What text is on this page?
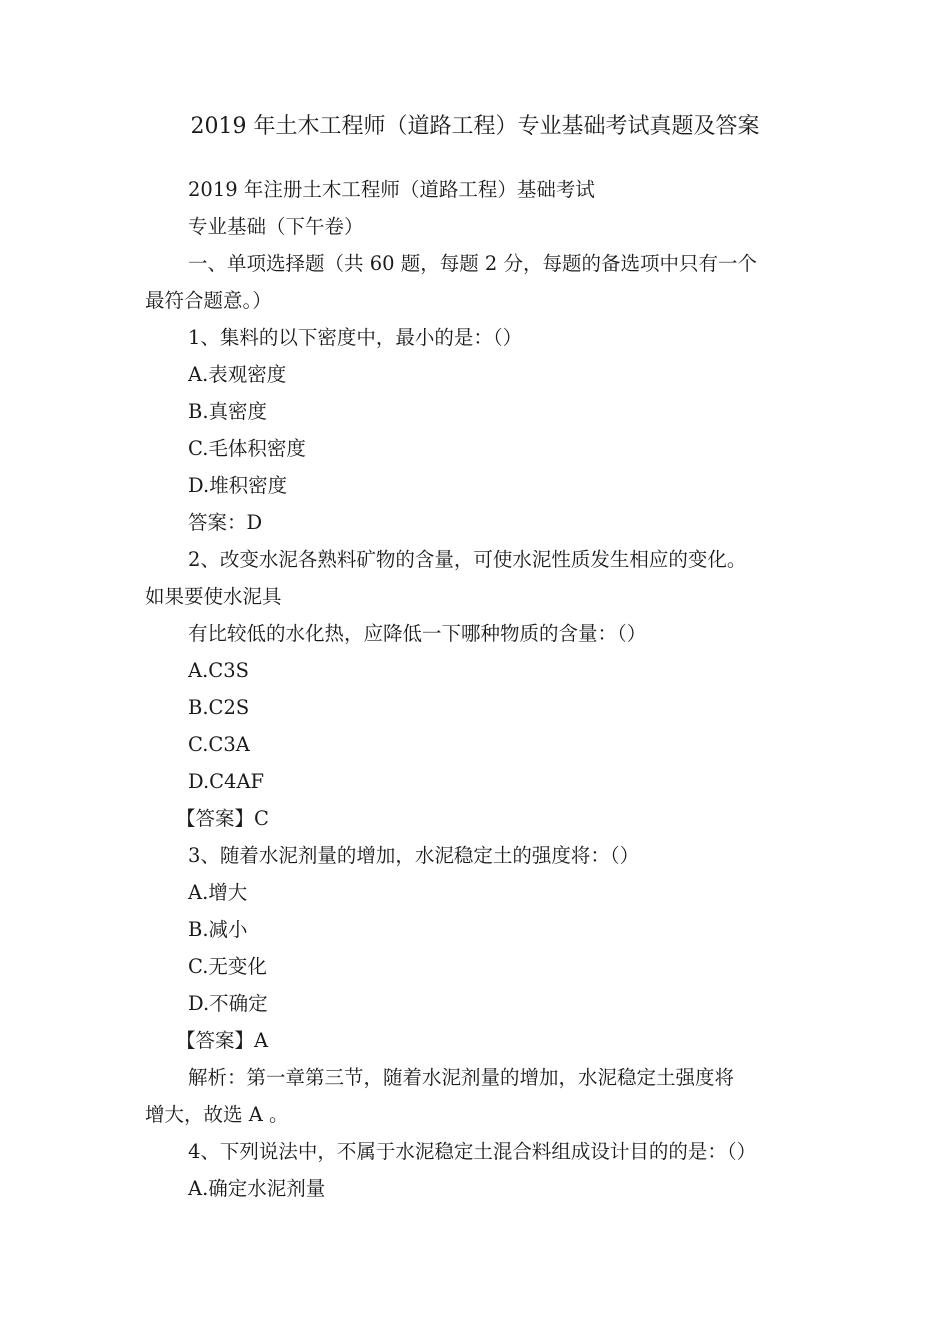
2019 年土木工程师（道路工程）专业基础考试真题及答案
2019 年注册土木工程师（道路工程）基础考试
专业基础（下午卷）
一、单项选择题（共 60 题，每题 2 分，每题的备选项中只有一个
最符合题意。）
1、集料的以下密度中，最小的是：（）
A.表观密度
B.真密度
C.毛体积密度
D.堆积密度
答案：D
2、改变水泥各熟料矿物的含量，可使水泥性质发生相应的变化。
如果要使水泥具
有比较低的水化热，应降低一下哪种物质的含量：（）
A.C3S
B.C2S
C.C3A
D.C4AF
【答案】C
3、随着水泥剂量的增加，水泥稳定土的强度将：（）
A.增大
B.减小
C.无变化
D.不确定
【答案】A
解析：第一章第三节，随着水泥剂量的增加，水泥稳定土强度将
增大，故选 A 。
4、下列说法中，不属于水泥稳定土混合料组成设计目的的是：（）
A.确定水泥剂量
